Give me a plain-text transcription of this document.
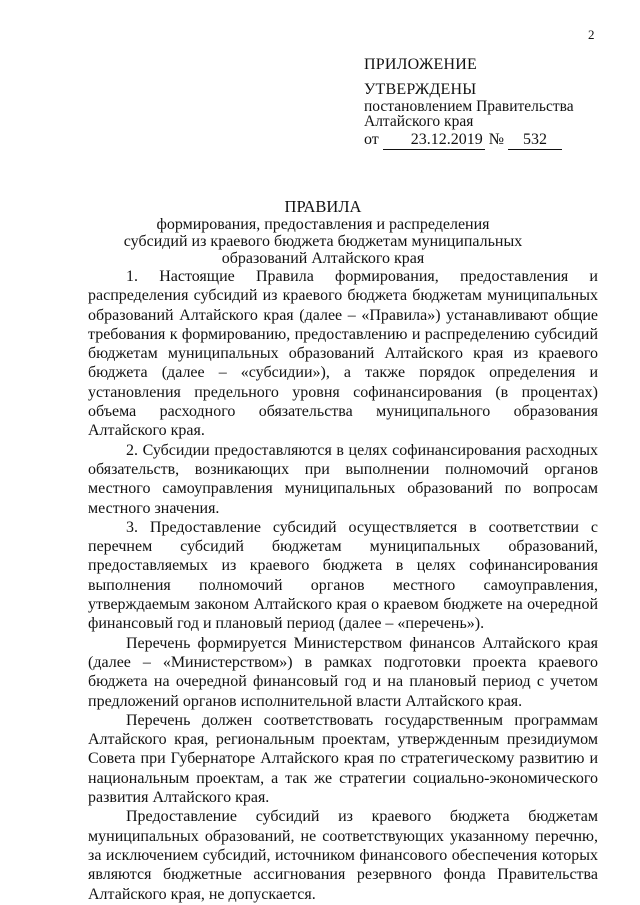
2
ПРИЛОЖЕНИЕ
УТВЕРЖДЕНЫ
постановлением Правительства
Алтайского края
от 23.12.2019 № 532
ПРАВИЛА
формирования, предоставления и распределения
субсидий из краевого бюджета бюджетам муниципальных
образований Алтайского края

1. Настоящие Правила формирования, предоставления и распределения субсидий из краевого бюджета бюджетам муниципальных образований Алтайского края (далее – «Правила») устанавливают общие требования к формированию, предоставлению и распределению субсидий бюджетам муниципальных образований Алтайского края из краевого бюджета (далее – «субсидии»), а также порядок определения и установления предельного уровня софинансирования (в процентах) объема расходного обязательства муниципального образования Алтайского края.

2. Субсидии предоставляются в целях софинансирования расходных обязательств, возникающих при выполнении полномочий органов местного самоуправления муниципальных образований по вопросам местного значения.

3. Предоставление субсидий осуществляется в соответствии с перечнем субсидий бюджетам муниципальных образований, предоставляемых из краевого бюджета в целях софинансирования выполнения полномочий органов местного самоуправления, утверждаемым законом Алтайского края о краевом бюджете на очередной финансовый год и плановый период (далее – «перечень»).

Перечень формируется Министерством финансов Алтайского края (далее – «Министерством») в рамках подготовки проекта краевого бюджета на очередной финансовый год и на плановый период с учетом предложений органов исполнительной власти Алтайского края.

Перечень должен соответствовать государственным программам Алтайского края, региональным проектам, утвержденным президиумом Совета при Губернаторе Алтайского края по стратегическому развитию и национальным проектам, а так же стратегии социально-экономического развития Алтайского края.

Предоставление субсидий из краевого бюджета бюджетам муниципальных образований, не соответствующих указанному перечню, за исключением субсидий, источником финансового обеспечения которых являются бюджетные ассигнования резервного фонда Правительства Алтайского края, не допускается.
